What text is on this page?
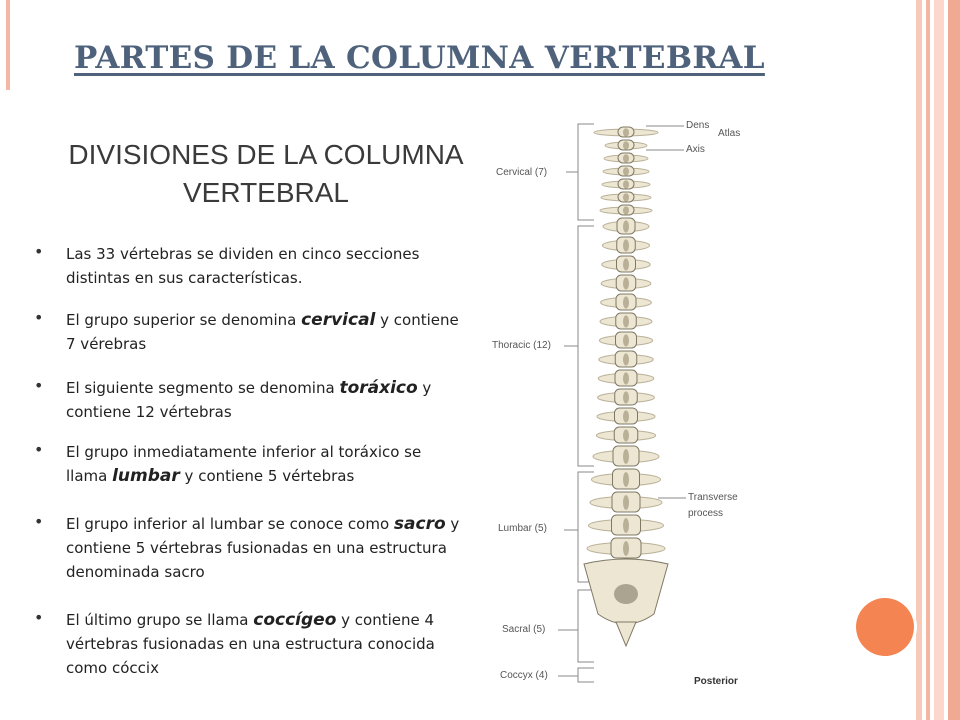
PARTES DE LA COLUMNA VERTEBRAL
DIVISIONES DE LA COLUMNA
VERTEBRAL
• Las 33 vértebras se dividen en cinco secciones distintas en sus características.
• El grupo superior se denomina cervical y contiene 7 vérebras
• El siguiente segmento se denomina toráxico y contiene 12 vértebras
• El grupo inmediatamente inferior al toráxico se llama lumbar y contiene 5 vértebras
• El grupo inferior al lumbar se conoce como sacro y contiene 5 vértebras fusionadas en una estructura denominada sacro
• El último grupo se llama coccígeo y contiene 4 vértebras fusionadas en una estructura conocida como cóccix
Dens
Atlas
Axis
Cervical (7)
Thoracic (12)
Transverse
process
Lumbar (5)
Sacral (5)
Coccyx (4)
Posterior
